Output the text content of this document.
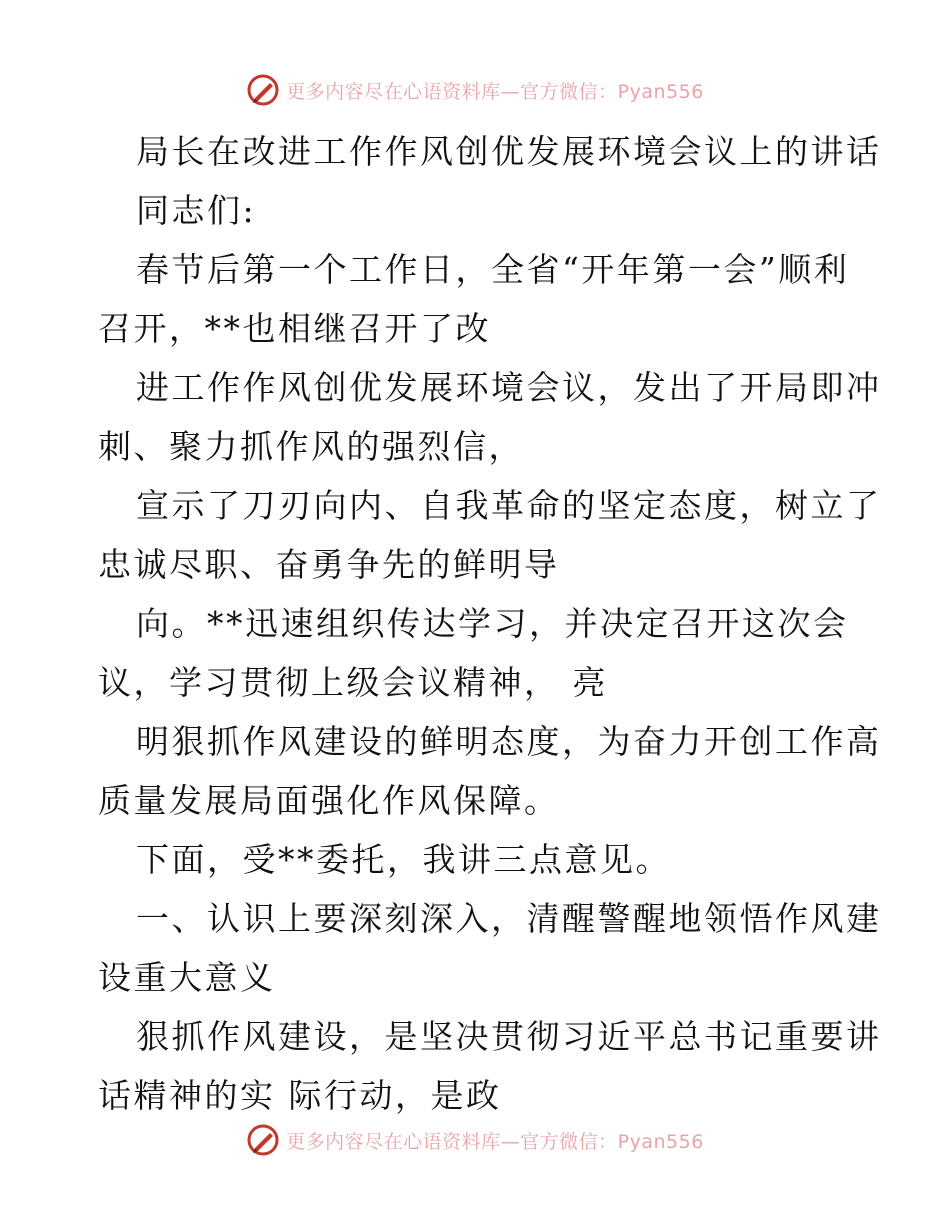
更多内容尽在心语资料库—官方微信：Pyan556

局长在改进工作作风创优发展环境会议上的讲话

同志们:

春节后第一个工作日，全省“开年第一会”顺利

召开，**也相继召开了改

进工作作风创优发展环境会议，发出了开局即冲

刺、聚力抓作风的强烈信，

宣示了刀刃向内、自我革命的坚定态度，树立了

忠诚尽职、奋勇争先的鲜明导

向。**迅速组织传达学习，并决定召开这次会

议，学习贯彻上级会议精神， 亮

明狠抓作风建设的鲜明态度，为奋力开创工作高

质量发展局面强化作风保障。

下面，受**委托，我讲三点意见。

一、认识上要深刻深入，清醒警醒地领悟作风建

设重大意义

狠抓作风建设，是坚决贯彻习近平总书记重要讲

话精神的实 际行动，是政

更多内容尽在心语资料库—官方微信：Pyan556
